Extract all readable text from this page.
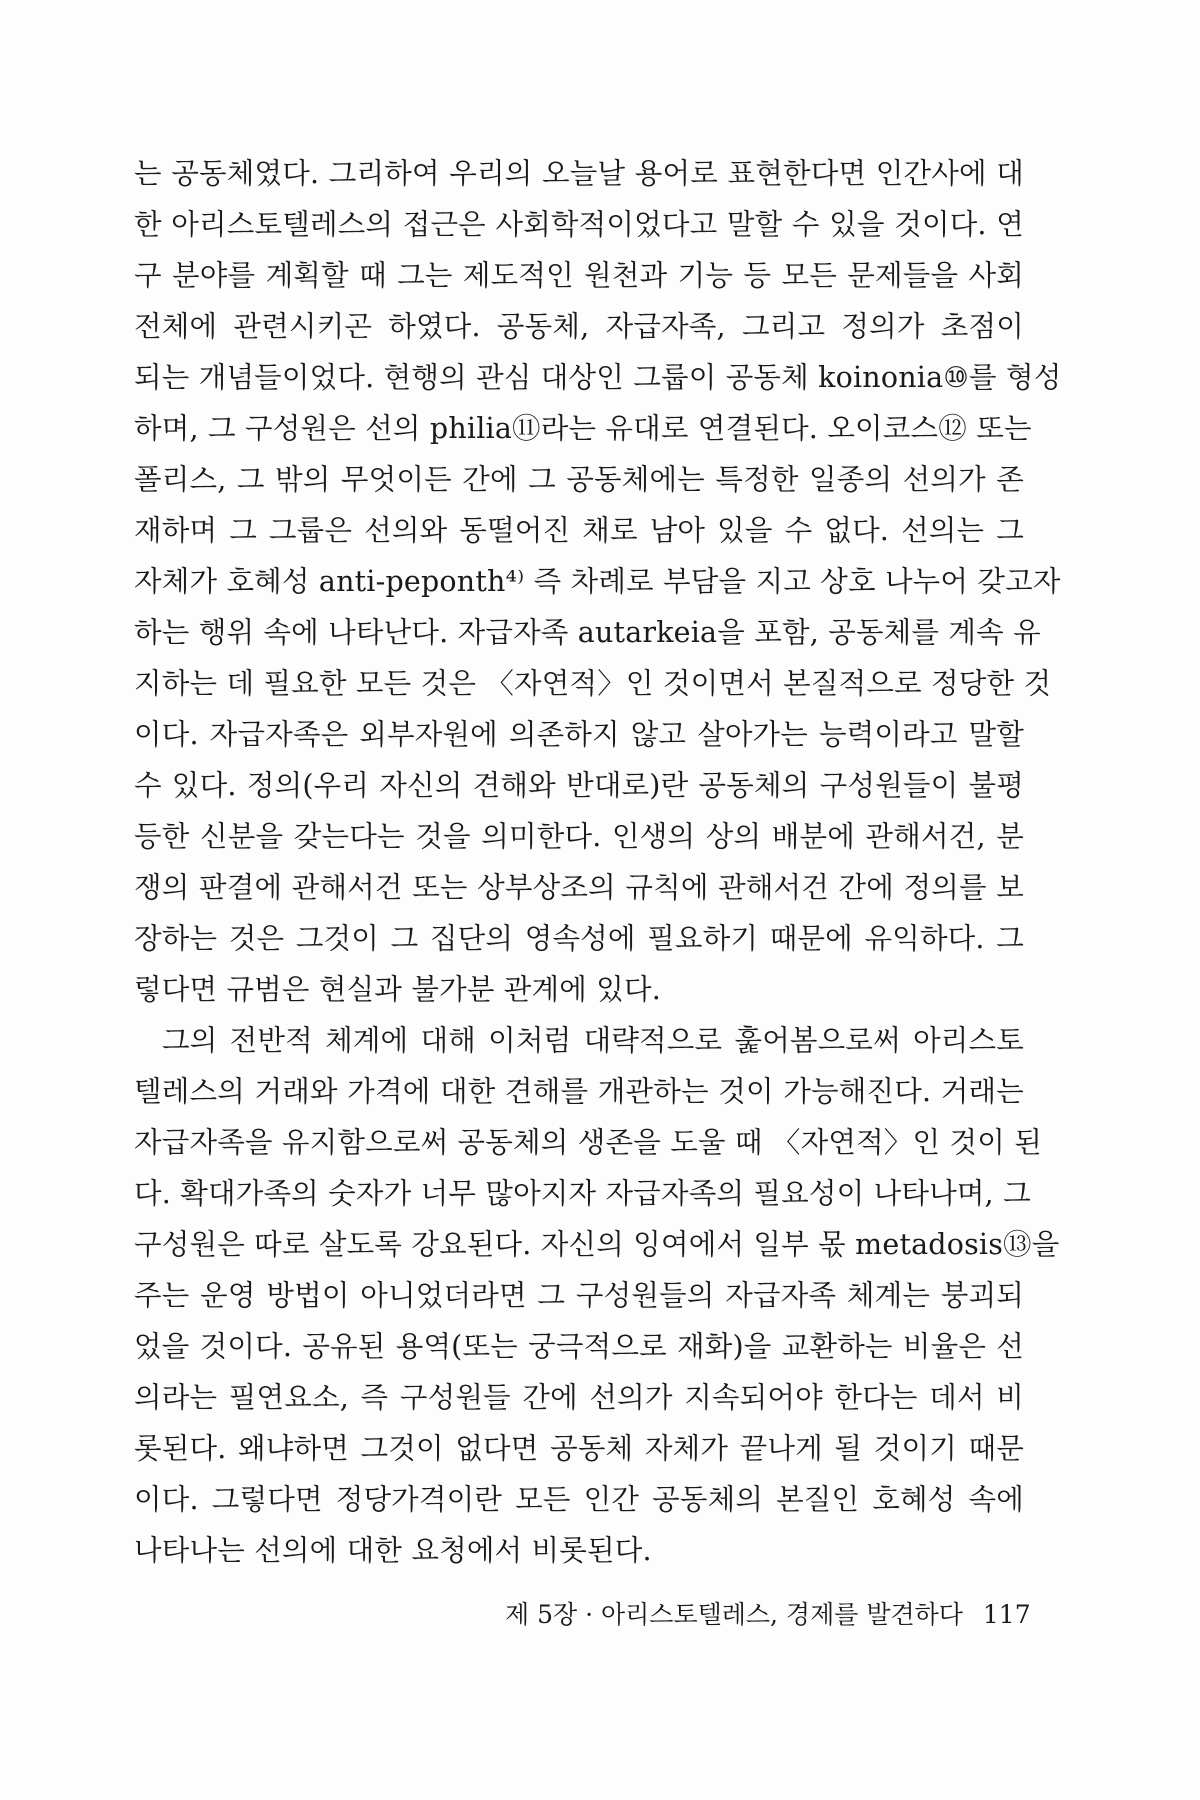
는 공동체였다. 그리하여 우리의 오늘날 용어로 표현한다면 인간사에 대
한 아리스토텔레스의 접근은 사회학적이었다고 말할 수 있을 것이다. 연
구 분야를 계획할 때 그는 제도적인 원천과 기능 등 모든 문제들을 사회
전체에 관련시키곤 하였다. 공동체, 자급자족, 그리고 정의가 초점이
되는 개념들이었다. 현행의 관심 대상인 그룹이 공동체 koinonia⑩를 형성
하며, 그 구성원은 선의 philia⑪라는 유대로 연결된다. 오이코스⑫ 또는
폴리스, 그 밖의 무엇이든 간에 그 공동체에는 특정한 일종의 선의가 존
재하며 그 그룹은 선의와 동떨어진 채로 남아 있을 수 없다. 선의는 그
자체가 호혜성 anti-peponth⁴⁾ 즉 차례로 부담을 지고 상호 나누어 갖고자
하는 행위 속에 나타난다. 자급자족 autarkeia을 포함, 공동체를 계속 유
지하는 데 필요한 모든 것은 〈자연적〉인 것이면서 본질적으로 정당한 것
이다. 자급자족은 외부자원에 의존하지 않고 살아가는 능력이라고 말할
수 있다. 정의(우리 자신의 견해와 반대로)란 공동체의 구성원들이 불평
등한 신분을 갖는다는 것을 의미한다. 인생의 상의 배분에 관해서건, 분
쟁의 판결에 관해서건 또는 상부상조의 규칙에 관해서건 간에 정의를 보
장하는 것은 그것이 그 집단의 영속성에 필요하기 때문에 유익하다. 그
렇다면 규범은 현실과 불가분 관계에 있다.
그의 전반적 체계에 대해 이처럼 대략적으로 훑어봄으로써 아리스토
텔레스의 거래와 가격에 대한 견해를 개관하는 것이 가능해진다. 거래는
자급자족을 유지함으로써 공동체의 생존을 도울 때 〈자연적〉인 것이 된
다. 확대가족의 숫자가 너무 많아지자 자급자족의 필요성이 나타나며, 그
구성원은 따로 살도록 강요된다. 자신의 잉여에서 일부 몫 metadosis⑬을
주는 운영 방법이 아니었더라면 그 구성원들의 자급자족 체계는 붕괴되
었을 것이다. 공유된 용역(또는 궁극적으로 재화)을 교환하는 비율은 선
의라는 필연요소, 즉 구성원들 간에 선의가 지속되어야 한다는 데서 비
롯된다. 왜냐하면 그것이 없다면 공동체 자체가 끝나게 될 것이기 때문
이다. 그렇다면 정당가격이란 모든 인간 공동체의 본질인 호혜성 속에
나타나는 선의에 대한 요청에서 비롯된다.
제 5장 · 아리스토텔레스, 경제를 발견하다 117
